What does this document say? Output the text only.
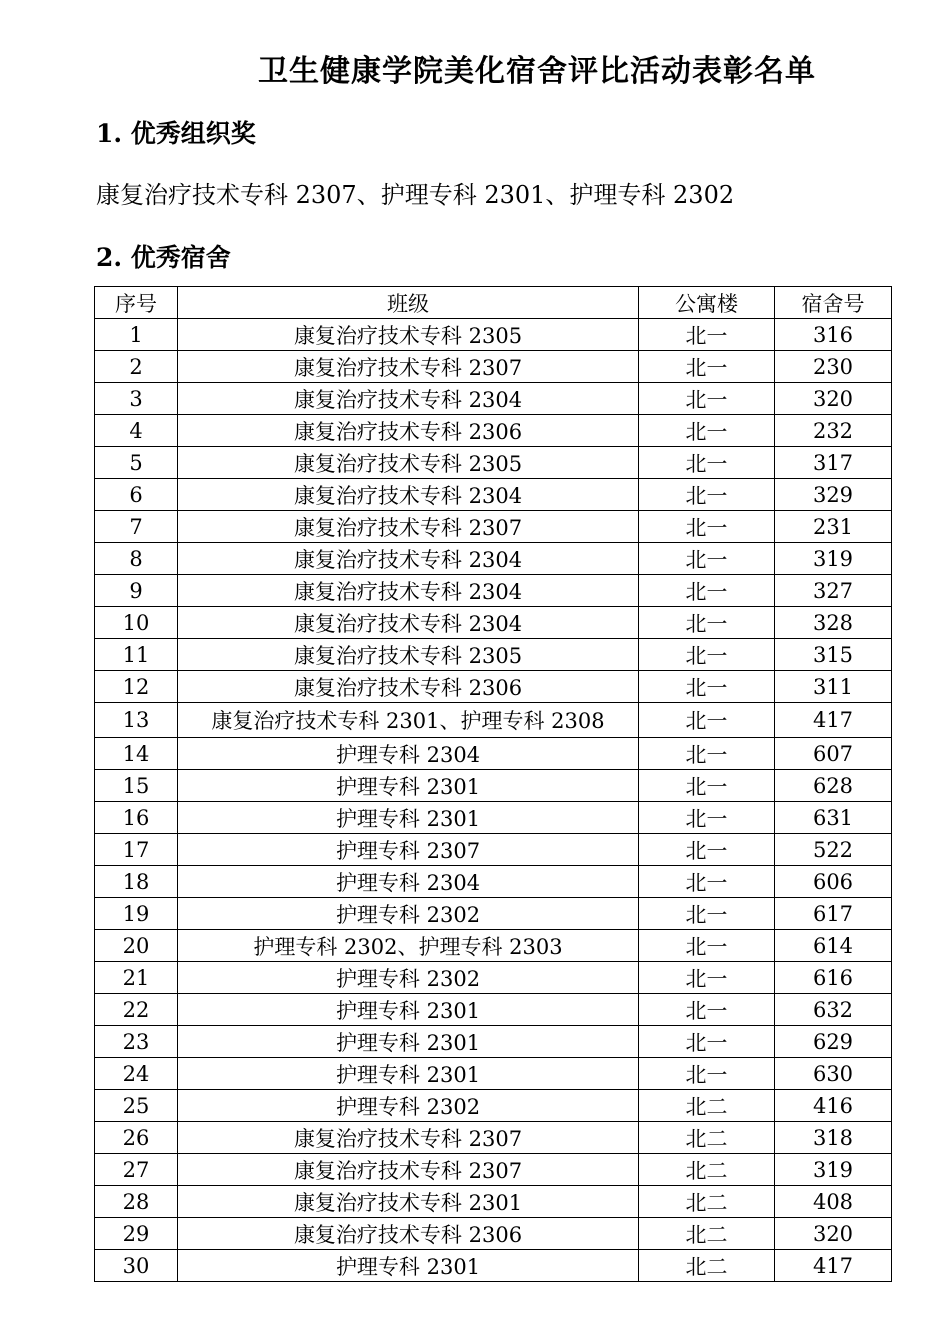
卫生健康学院美化宿舍评比活动表彰名单
1. 优秀组织奖
康复治疗技术专科 2307、护理专科 2301、护理专科 2302
2. 优秀宿舍
序号	班级	公寓楼	宿舍号
1	康复治疗技术专科 2305	北一	316
2	康复治疗技术专科 2307	北一	230
3	康复治疗技术专科 2304	北一	320
4	康复治疗技术专科 2306	北一	232
5	康复治疗技术专科 2305	北一	317
6	康复治疗技术专科 2304	北一	329
7	康复治疗技术专科 2307	北一	231
8	康复治疗技术专科 2304	北一	319
9	康复治疗技术专科 2304	北一	327
10	康复治疗技术专科 2304	北一	328
11	康复治疗技术专科 2305	北一	315
12	康复治疗技术专科 2306	北一	311
13	康复治疗技术专科 2301、护理专科 2308	北一	417
14	护理专科 2304	北一	607
15	护理专科 2301	北一	628
16	护理专科 2301	北一	631
17	护理专科 2307	北一	522
18	护理专科 2304	北一	606
19	护理专科 2302	北一	617
20	护理专科 2302、护理专科 2303	北一	614
21	护理专科 2302	北一	616
22	护理专科 2301	北一	632
23	护理专科 2301	北一	629
24	护理专科 2301	北一	630
25	护理专科 2302	北二	416
26	康复治疗技术专科 2307	北二	318
27	康复治疗技术专科 2307	北二	319
28	康复治疗技术专科 2301	北二	408
29	康复治疗技术专科 2306	北二	320
30	护理专科 2301	北二	417
